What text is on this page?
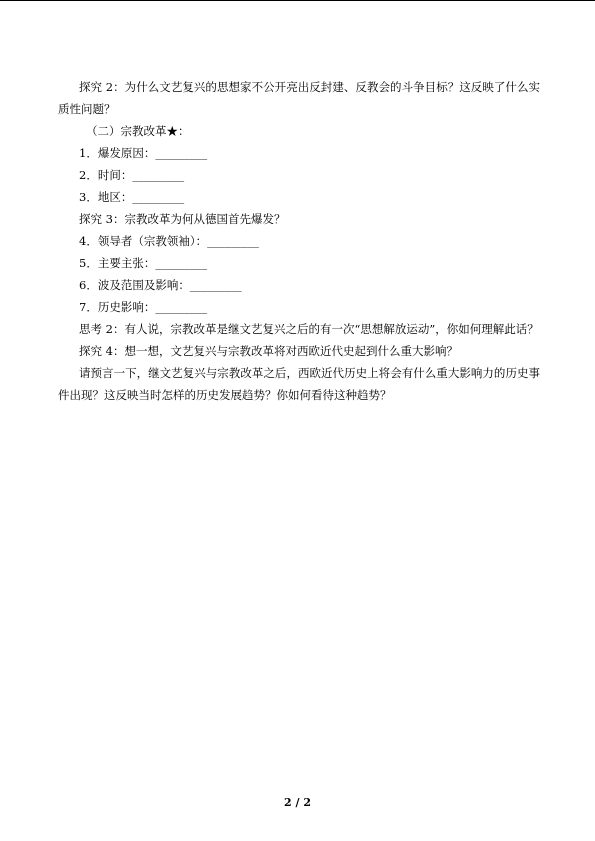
探究 2：为什么文艺复兴的思想家不公开亮出反封建、反教会的斗争目标？这反映了什么实质性问题？

（二）宗教改革★：

1．爆发原因：_________

2．时间：_________

3．地区：_________

探究 3：宗教改革为何从德国首先爆发？

4．领导者（宗教领袖）：_________

5．主要主张：_________

6．波及范围及影响：_________

7．历史影响：_________

思考 2：有人说，宗教改革是继文艺复兴之后的有一次“思想解放运动”，你如何理解此话？

探究 4：想一想，文艺复兴与宗教改革将对西欧近代史起到什么重大影响？

请预言一下，继文艺复兴与宗教改革之后，西欧近代历史上将会有什么重大影响力的历史事件出现？这反映当时怎样的历史发展趋势？你如何看待这种趋势？

2 / 2
